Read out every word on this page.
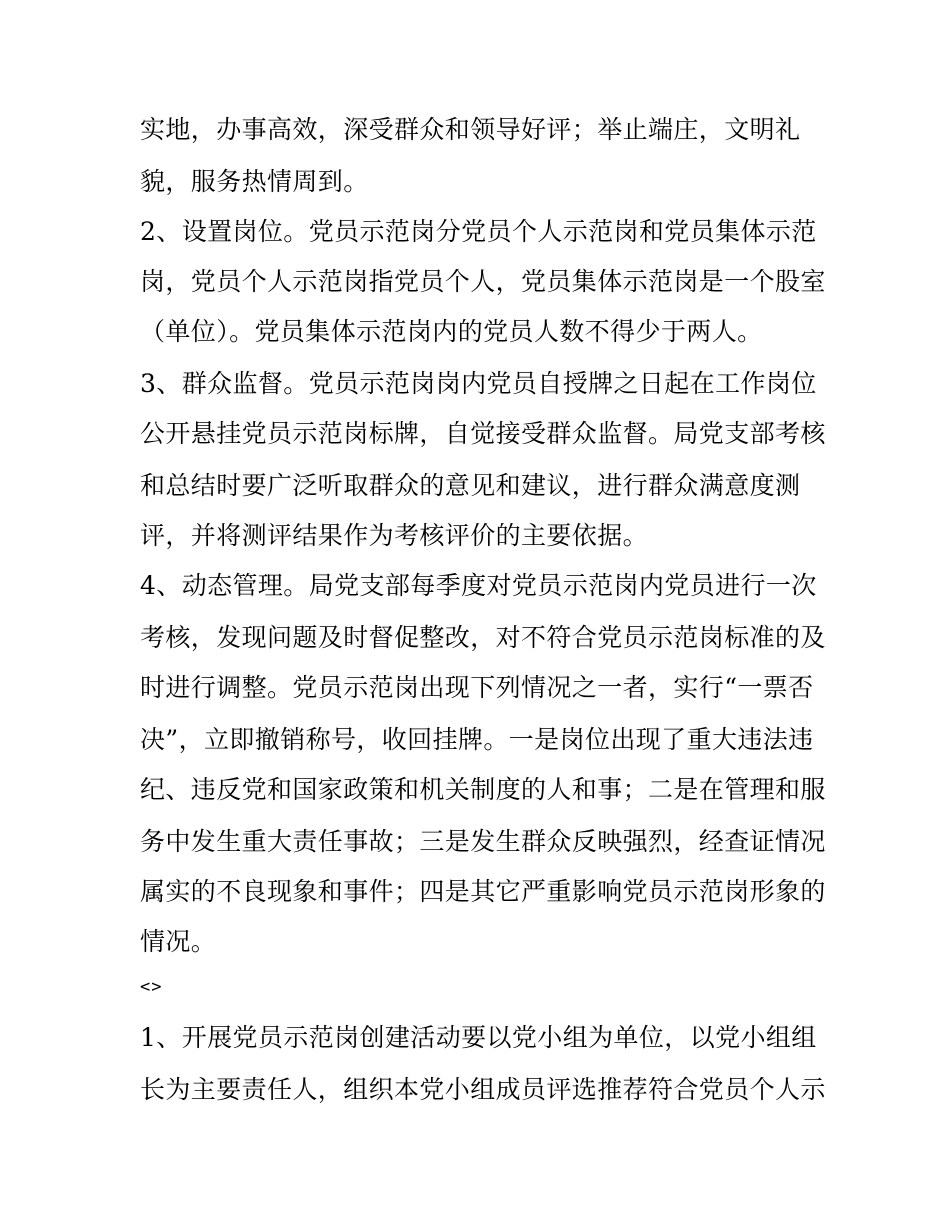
实地，办事高效，深受群众和领导好评；举止端庄，文明礼
貌，服务热情周到。
2、设置岗位。党员示范岗分党员个人示范岗和党员集体示范
岗，党员个人示范岗指党员个人，党员集体示范岗是一个股室
（单位）。党员集体示范岗内的党员人数不得少于两人。
3、群众监督。党员示范岗岗内党员自授牌之日起在工作岗位
公开悬挂党员示范岗标牌，自觉接受群众监督。局党支部考核
和总结时要广泛听取群众的意见和建议，进行群众满意度测
评，并将测评结果作为考核评价的主要依据。
4、动态管理。局党支部每季度对党员示范岗内党员进行一次
考核，发现问题及时督促整改，对不符合党员示范岗标准的及
时进行调整。党员示范岗出现下列情况之一者，实行“一票否
决”，立即撤销称号，收回挂牌。一是岗位出现了重大违法违
纪、违反党和国家政策和机关制度的人和事；二是在管理和服
务中发生重大责任事故；三是发生群众反映强烈，经查证情况
属实的不良现象和事件；四是其它严重影响党员示范岗形象的
情况。
<>
1、开展党员示范岗创建活动要以党小组为单位，以党小组组
长为主要责任人，组织本党小组成员评选推荐符合党员个人示
